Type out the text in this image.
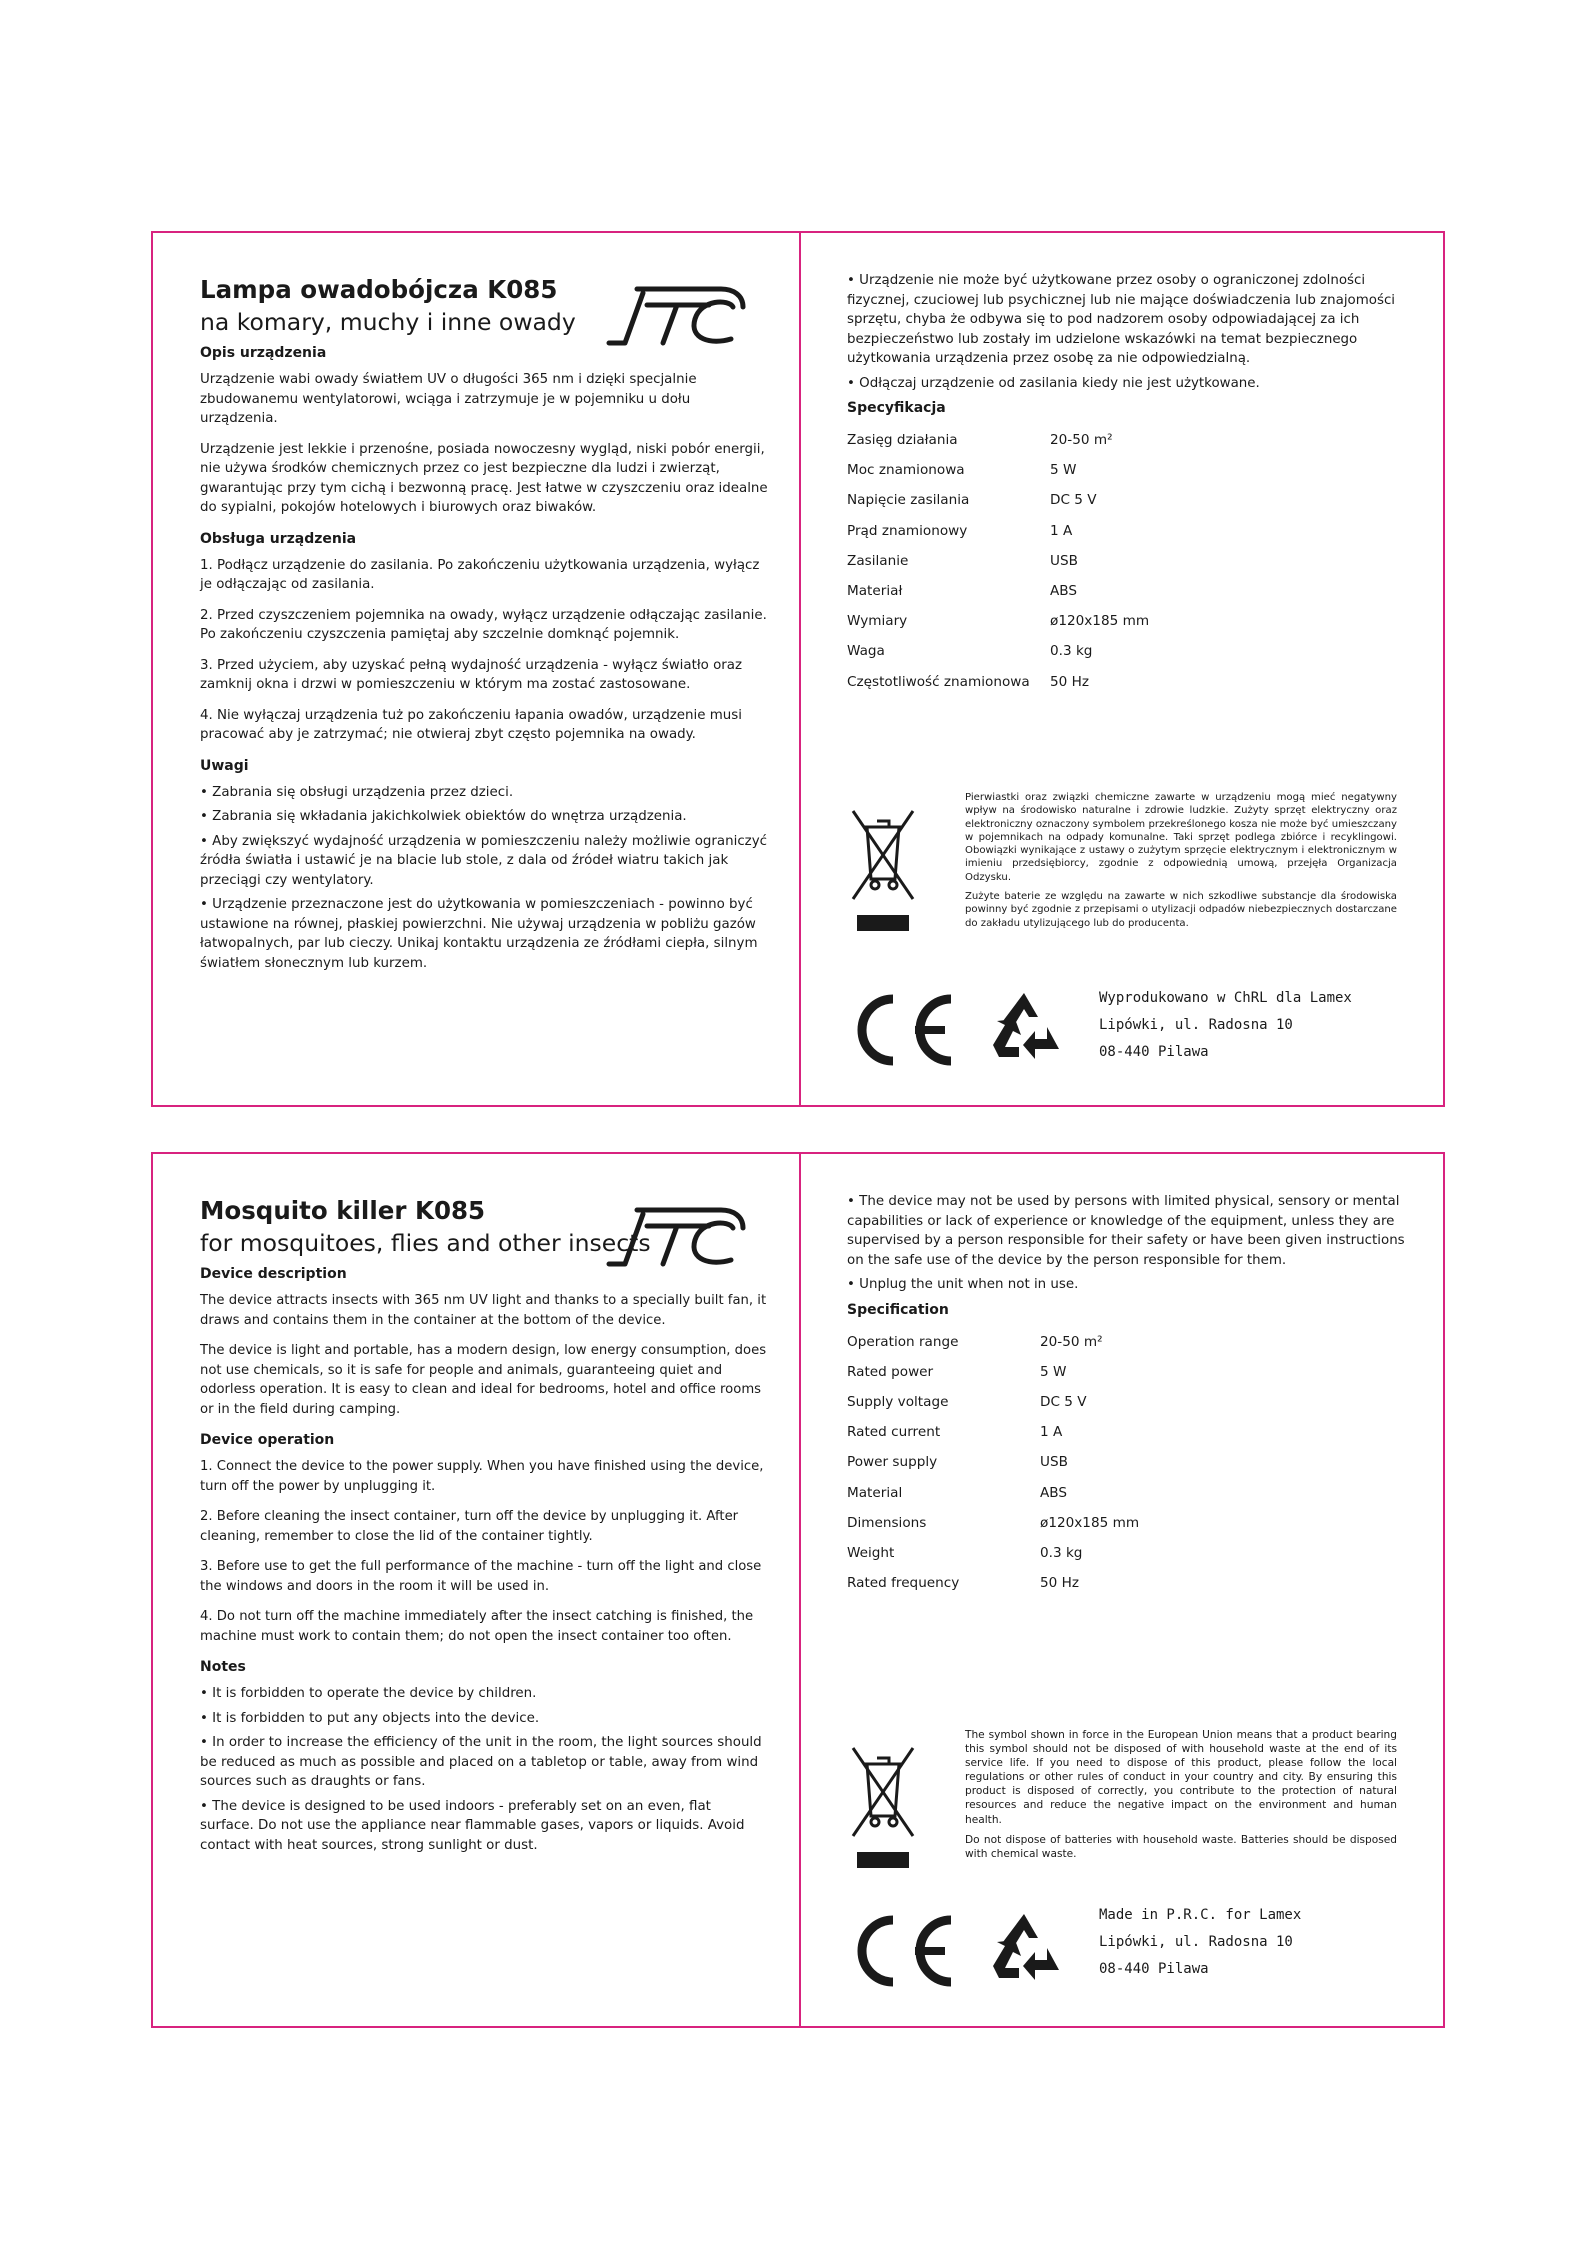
Lampa owadobójcza K085
na komary, muchy i inne owady
Opis urządzenia

Urządzenie wabi owady światłem UV o długości 365 nm i dzięki specjalnie zbudowanemu wentylatorowi, wciąga i zatrzymuje je w pojemniku u dołu urządzenia.

Urządzenie jest lekkie i przenośne, posiada nowoczesny wygląd, niski pobór energii, nie używa środków chemicznych przez co jest bezpieczne dla ludzi i zwierząt, gwarantując przy tym cichą i bezwonną pracę. Jest łatwe w czyszczeniu oraz idealne do sypialni, pokojów hotelowych i biurowych oraz biwaków.

Obsługa urządzenia

1. Podłącz urządzenie do zasilania. Po zakończeniu użytkowania urządzenia, wyłącz je odłączając od zasilania.

2. Przed czyszczeniem pojemnika na owady, wyłącz urządzenie odłączając zasilanie. Po zakończeniu czyszczenia pamiętaj aby szczelnie domknąć pojemnik.

3. Przed użyciem, aby uzyskać pełną wydajność urządzenia - wyłącz światło oraz zamknij okna i drzwi w pomieszczeniu w którym ma zostać zastosowane.

4. Nie wyłączaj urządzenia tuż po zakończeniu łapania owadów, urządzenie musi pracować aby je zatrzymać; nie otwieraj zbyt często pojemnika na owady.

Uwagi
• Zabrania się obsługi urządzenia przez dzieci.
• Zabrania się wkładania jakichkolwiek obiektów do wnętrza urządzenia.
• Aby zwiększyć wydajność urządzenia w pomieszczeniu należy możliwie ograniczyć źródła światła i ustawić je na blacie lub stole, z dala od źródeł wiatru takich jak przeciągi czy wentylatory.
• Urządzenie przeznaczone jest do użytkowania w pomieszczeniach - powinno być ustawione na równej, płaskiej powierzchni. Nie używaj urządzenia w pobliżu gazów łatwopalnych, par lub cieczy. Unikaj kontaktu urządzenia ze źródłami ciepła, silnym światłem słonecznym lub kurzem.
• Urządzenie nie może być użytkowane przez osoby o ograniczonej zdolności fizycznej, czuciowej lub psychicznej lub nie mające doświadczenia lub znajomości sprzętu, chyba że odbywa się to pod nadzorem osoby odpowiadającej za ich bezpieczeństwo lub zostały im udzielone wskazówki na temat bezpiecznego użytkowania urządzenia przez osobę za nie odpowiedzialną.
• Odłączaj urządzenie od zasilania kiedy nie jest użytkowane.
Specyfikacja
Zasięg działania	20-50 m²
Moc znamionowa	5 W
Napięcie zasilania	DC 5 V
Prąd znamionowy	1 A
Zasilanie	USB
Materiał	ABS
Wymiary	ø120x185 mm
Waga	0.3 kg
Częstotliwość znamionowa	50 Hz

Pierwiastki oraz związki chemiczne zawarte w urządzeniu mogą mieć negatywny wpływ na środowisko naturalne i zdrowie ludzkie. Zużyty sprzęt elektryczny oraz elektroniczny oznaczony symbolem przekreślonego kosza nie może być umieszczany w pojemnikach na odpady komunalne. Taki sprzęt podlega zbiórce i recyklingowi. Obowiązki wynikające z ustawy o zużytym sprzęcie elektrycznym i elektronicznym w imieniu przedsiębiorcy, zgodnie z odpowiednią umową, przejęła Organizacja Odzysku.

Zużyte baterie ze względu na zawarte w nich szkodliwe substancje dla środowiska powinny być zgodnie z przepisami o utylizacji odpadów niebezpiecznych dostarczane do zakładu utylizującego lub do producenta.

Wyprodukowano w ChRL dla Lamex
Lipówki, ul. Radosna 10
08-440 Pilawa
Mosquito killer K085
for mosquitoes, flies and other insects
Device description

The device attracts insects with 365 nm UV light and thanks to a specially built fan, it draws and contains them in the container at the bottom of the device.

The device is light and portable, has a modern design, low energy consumption, does not use chemicals, so it is safe for people and animals, guaranteeing quiet and odorless operation. It is easy to clean and ideal for bedrooms, hotel and office rooms or in the field during camping.

Device operation

1. Connect the device to the power supply. When you have finished using the device, turn off the power by unplugging it.

2. Before cleaning the insect container, turn off the device by unplugging it. After cleaning, remember to close the lid of the container tightly.

3. Before use to get the full performance of the machine - turn off the light and close the windows and doors in the room it will be used in.

4. Do not turn off the machine immediately after the insect catching is finished, the machine must work to contain them; do not open the insect container too often.

Notes
• It is forbidden to operate the device by children.
• It is forbidden to put any objects into the device.
• In order to increase the efficiency of the unit in the room, the light sources should be reduced as much as possible and placed on a tabletop or table, away from wind sources such as draughts or fans.
• The device is designed to be used indoors - preferably set on an even, flat surface. Do not use the appliance near flammable gases, vapors or liquids. Avoid contact with heat sources, strong sunlight or dust.
• The device may not be used by persons with limited physical, sensory or mental capabilities or lack of experience or knowledge of the equipment, unless they are supervised by a person responsible for their safety or have been given instructions on the safe use of the device by the person responsible for them.
• Unplug the unit when not in use.
Specification
Operation range	20-50 m²
Rated power	5 W
Supply voltage	DC 5 V
Rated current	1 A
Power supply	USB
Material	ABS
Dimensions	ø120x185 mm
Weight	0.3 kg
Rated frequency	50 Hz

The symbol shown in force in the European Union means that a product bearing this symbol should not be disposed of with household waste at the end of its service life. If you need to dispose of this product, please follow the local regulations or other rules of conduct in your country and city. By ensuring this product is disposed of correctly, you contribute to the protection of natural resources and reduce the negative impact on the environment and human health.

Do not dispose of batteries with household waste. Batteries should be disposed with chemical waste.

Made in P.R.C. for Lamex
Lipówki, ul. Radosna 10
08-440 Pilawa
